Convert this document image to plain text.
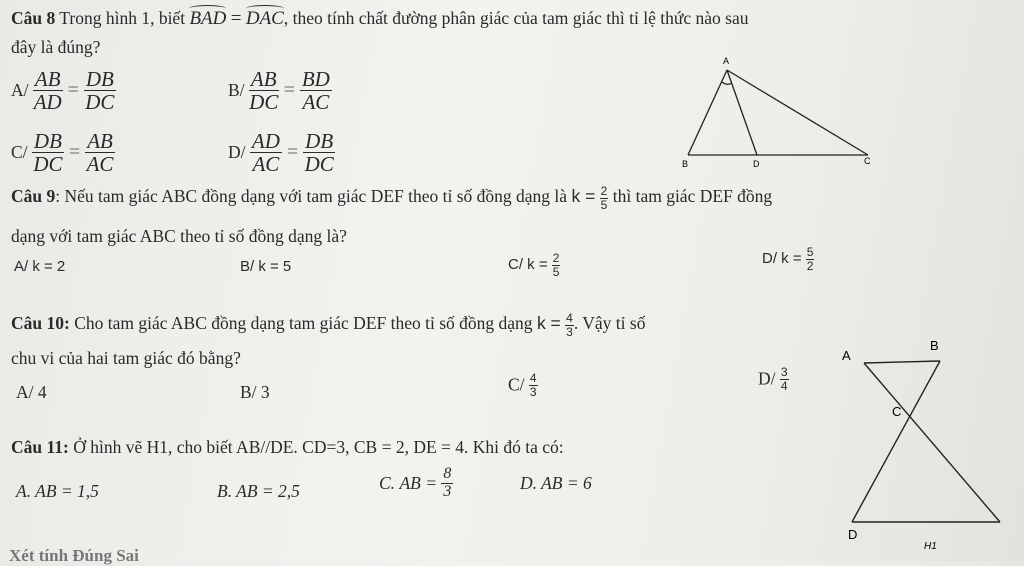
Câu 8 Trong hình 1, biết BAD = DAC, theo tính chất đường phân giác của tam giác thì tỉ lệ thức nào sau
đây là đúng?
$A/ \frac{AB}{AD} = \frac{DB}{DC}$	$B/ \frac{AB}{DC} = \frac{BD}{AC}$
$C/ \frac{DB}{DC} = \frac{AB}{AC}$	$D/ \frac{AD}{AC} = \frac{DB}{DC}$
A
B	D	C
Câu 9: Nếu tam giác ABC đồng dạng với tam giác DEF theo tỉ số đồng dạng là $k = \frac{2}{5}$ thì tam giác DEF đồng
dạng với tam giác ABC theo tỉ số đồng dạng là?
A/ k = 2	B/ k = 5	C/ $k = \frac{2}{5}$	D/ $k = \frac{5}{2}$
Câu 10: Cho tam giác ABC đồng dạng tam giác DEF theo tỉ số đồng dạng $k = \frac{4}{3}$ . Vậy tỉ số
chu vi của hai tam giác đó bằng?
A/ 4	B/ 3	$C/ \frac{4}{3}$	$D/ \frac{3}{4}$
A
B
C
D
H1
Câu 11: Ở hình vẽ H1, cho biết AB//DE. CD=3, CB = 2, DE = 4. Khi đó ta có:
A. AB = 1,5	B. AB = 2,5	C. AB = $\frac{8}{3}$	D. AB = 6
Xét tính Đúng Sai
